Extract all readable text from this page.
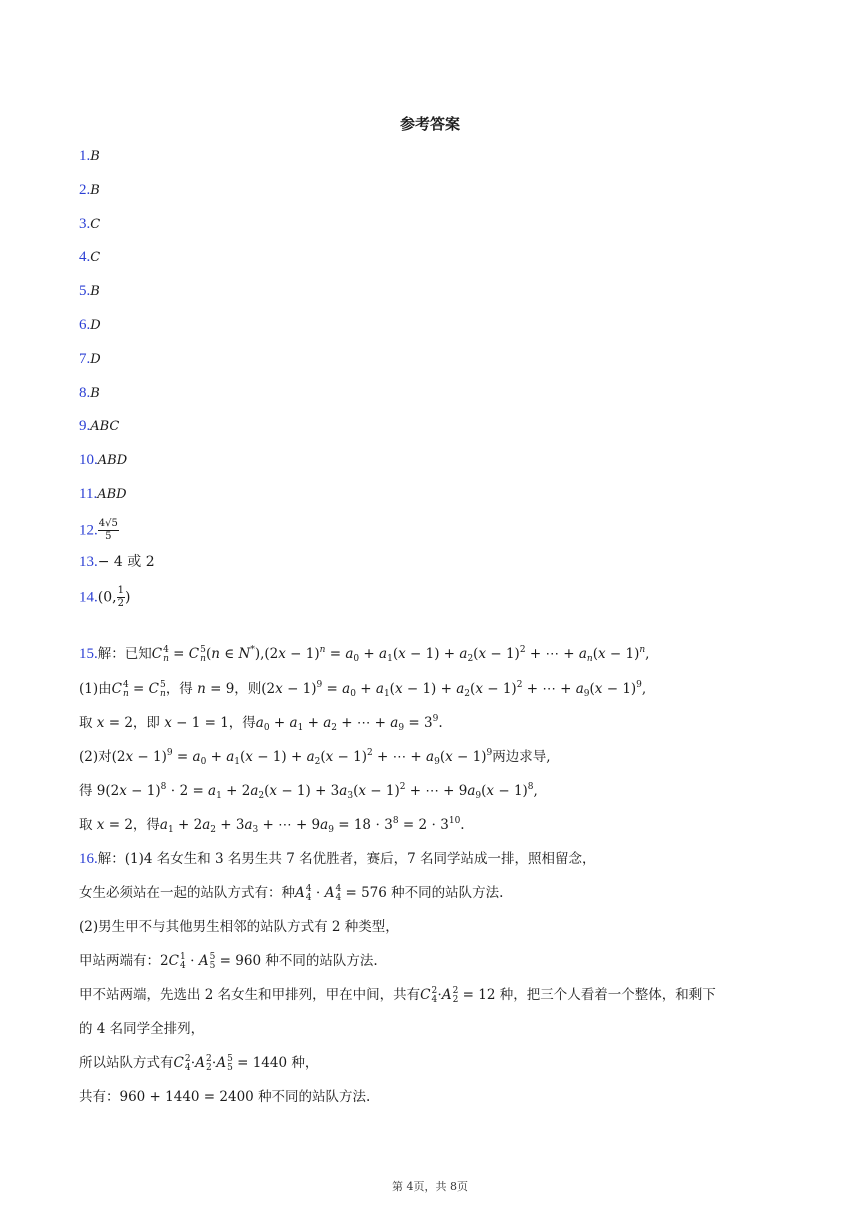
参考答案
1.B
2.B
3.C
4.C
5.B
6.D
7.D
8.B
9.ABC
10.ABD
11.ABD
12. $\frac{4√5}{5}$
13.− 4 或 2
14.(0, $\frac{1}{2}$ )
15.解：已知C 4
n = C 5
n (n ∈ $N^*),(2x - 1)^n = a_0 + a_1(x - 1) + a_2(x - 1)^2$ + ⋯ + $a_n(x - 1)^n$,
(1)由C 4
n = C 5
n ，得 n = 9，则$(2x - 1)^9 = a_0 + a_1(x - 1) + a_2(x - 1)^2$ + ⋯ + $a_9(x - 1)^9$,
取 x = 2，即 x − 1 = 1，得$a_0 + a_1 + a_2$ + ⋯ + $a_9 = 3^9$.
(2)对$(2x - 1)^9 = a_0 + a_1(x - 1) + a_2(x - 1)^2$ + ⋯ + $a_9(x - 1)^9$两边求导,
得 $9(2x - 1)^8 \cdot 2 = a_1 + 2a_2(x - 1) + 3a_3(x - 1)^2$ + ⋯ + $9a_9(x - 1)^8$,
取 x = 2，得$a_1 + 2a_2 + 3a_3$ + ⋯ + $9a_9 = 18 \cdot 3^8 = 2 \cdot 3^{10}$.
16.解：(1)4 名女生和 3 名男生共 7 名优胜者，赛后，7 名同学站成一排，照相留念，
女生必须站在一起的站队方式有：种A 4
4 ⋅ A 4
4 = 576 种不同的站队方法.
(2)男生甲不与其他男生相邻的站队方式有 2 种类型，
甲站两端有：2C 1
4 ⋅ A 5
5 = 960 种不同的站队方法.
甲不站两端，先选出 2 名女生和甲排列，甲在中间，共有C 2
4 ⋅A 2
2 = 12 种，把三个人看着一个整体，和剩下
的 4 名同学全排列，
所以站队方式有C 2
4 ⋅A 2
2 ⋅A 5
5 = 1440 种，
共有：960 + 1440 = 2400 种不同的站队方法.
第 4页，共 8页
